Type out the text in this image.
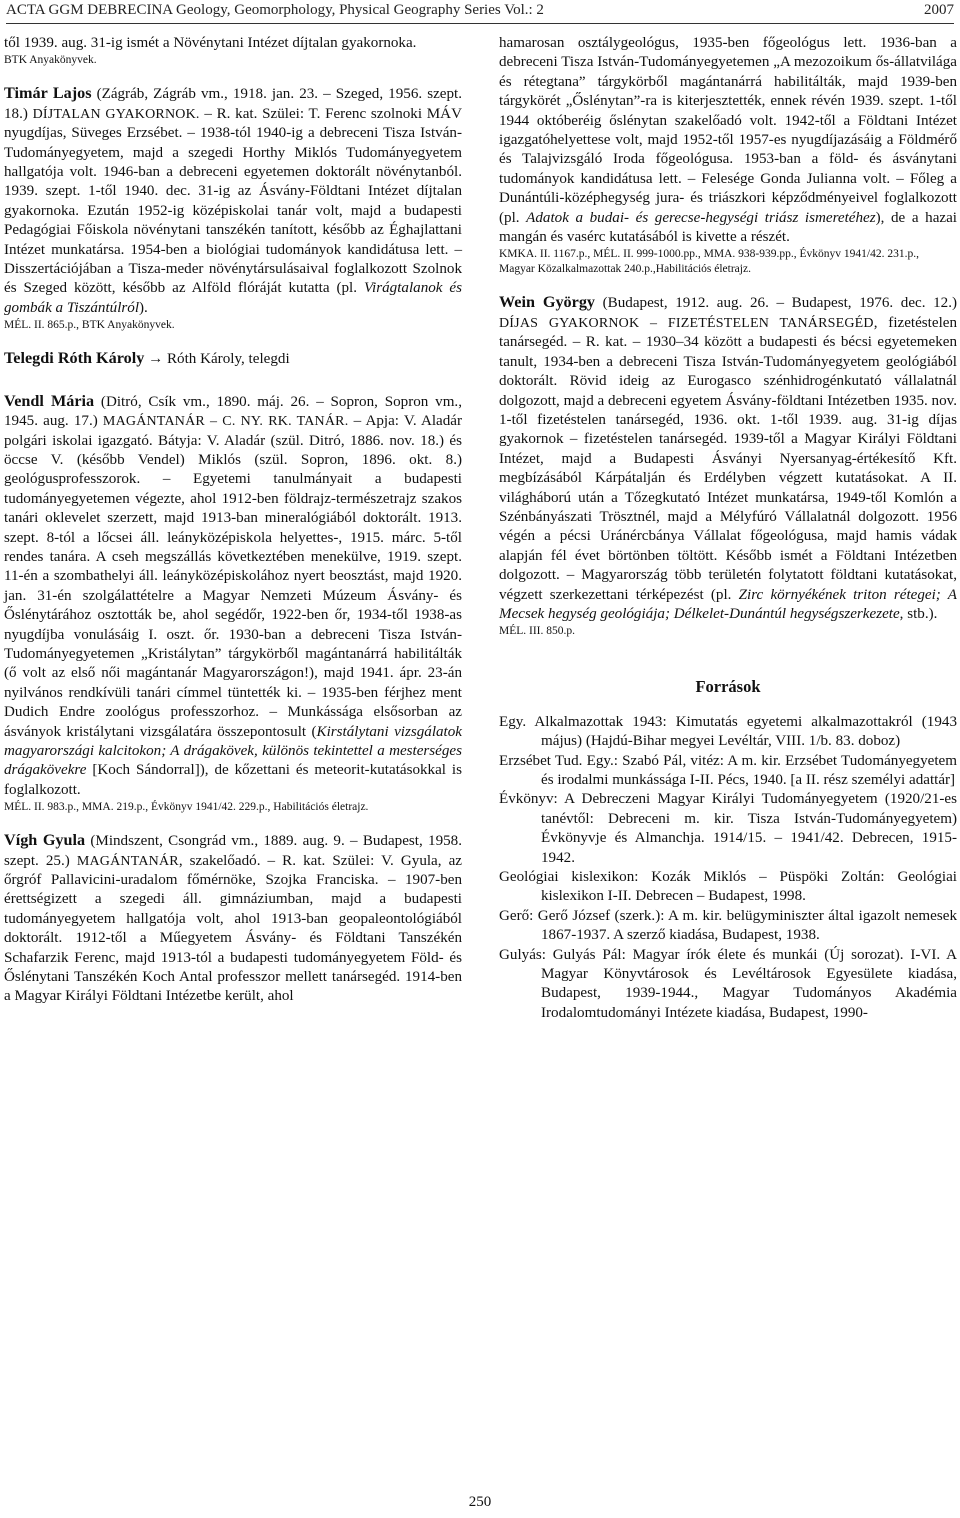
ACTA GGM DEBRECINA Geology, Geomorphology, Physical Geography Series Vol.: 2	2007

től 1939. aug. 31-ig ismét a Növénytani Intézet díjtalan gyakornoka.

BTK Anyakönyvek.

Timár Lajos (Zágráb, Zágráb vm., 1918. jan. 23. – Szeged, 1956. szept. 18.) DÍJTALAN GYAKORNOK. – R. kat. Szülei: T. Ferenc szolnoki MÁV nyugdíjas, Süveges Erzsébet. – 1938-tól 1940-ig a debreceni Tisza István-Tudományegyetem, majd a szegedi Horthy Miklós Tudományegyetem hallgatója volt. 1946-ban a debreceni egyetemen doktorált növénytanból. 1939. szept. 1-től 1940. dec. 31-ig az Ásvány-Földtani Intézet díjtalan gyakornoka. Ezután 1952-ig középiskolai tanár volt, majd a budapesti Pedagógiai Főiskola növénytani tanszékén tanított, később az Éghajlattani Intézet munkatársa. 1954-ben a biológiai tudományok kandidátusa lett. – Disszertációjában a Tisza-meder növénytársulásaival foglalkozott Szolnok és Szeged között, később az Alföld flóráját kutatta (pl. Virágtalanok és gombák a Tiszántúlról).

MÉL. II. 865.p., BTK Anyakönyvek.

Telegdi Róth Károly → Róth Károly, telegdi

Vendl Mária (Ditró, Csík vm., 1890. máj. 26. – Sopron, Sopron vm., 1945. aug. 17.) MAGÁNTANÁR – C. NY. RK. TANÁR. – Apja: V. Aladár polgári iskolai igazgató. Bátyja: V. Aladár (szül. Ditró, 1886. nov. 18.) és öccse V. (később Vendel) Miklós (szül. Sopron, 1896. okt. 8.) geológusprofesszorok. – Egyetemi tanulmányait a budapesti tudományegyetemen végezte, ahol 1912-ben földrajz-természetrajz szakos tanári oklevelet szerzett, majd 1913-ban mineralógiából doktorált. 1913. szept. 8-tól a lőcsei áll. leányközépiskola helyettes-, 1915. márc. 5-től rendes tanára. A cseh megszállás következtében menekülve, 1919. szept. 11-én a szombathelyi áll. leányközépiskolához nyert beosztást, majd 1920. jan. 31-én szolgálattételre a Magyar Nemzeti Múzeum Ásvány- és Őslénytárához osztották be, ahol segédőr, 1922-ben őr, 1934-től 1938-as nyugdíjba vonulásáig I. oszt. őr. 1930-ban a debreceni Tisza István-Tudományegyetemen „Kristálytan” tárgykörből magántanárrá habilitálták (ő volt az első női magántanár Magyarországon!), majd 1941. ápr. 23-án nyilvános rendkívüli tanári címmel tüntették ki. – 1935-ben férjhez ment Dudich Endre zoológus professzorhoz. – Munkássága elsősorban az ásványok kristálytani vizsgálatára összepontosult (Kirstálytani vizsgálatok magyarországi kalcitokon; A drágakövek, különös tekintettel a mesterséges drágakövekre [Koch Sándorral]), de kőzettani és meteorit-kutatásokkal is foglalkozott.

MÉL. II. 983.p., MMA. 219.p., Évkönyv 1941/42. 229.p., Habilitációs életrajz.

Vígh Gyula (Mindszent, Csongrád vm., 1889. aug. 9. – Budapest, 1958. szept. 25.) MAGÁNTANÁR, szakelőadó. – R. kat. Szülei: V. Gyula, az őrgróf Pallavicini-uradalom főmérnöke, Szojka Franciska. – 1907-ben érettségizett a szegedi áll. gimnáziumban, majd a budapesti tudományegyetem hallgatója volt, ahol 1913-ban geopaleontológiából doktorált. 1912-től a Műegyetem Ásvány- és Földtani Tanszékén Schafarzik Ferenc, majd 1913-tól a budapesti tudományegyetem Föld- és Őslénytani Tanszékén Koch Antal professzor mellett tanársegéd. 1914-ben a Magyar Királyi Földtani Intézetbe került, ahol

hamarosan osztálygeológus, 1935-ben főgeológus lett. 1936-ban a debreceni Tisza István-Tudományegyetemen „A mezozoikum ős-állatvilága és rétegtana” tárgykörből magántanárrá habilitálták, majd 1939-ben tárgykörét „Őslénytan”-ra is kiterjesztették, ennek révén 1939. szept. 1-től 1944 októberéig őslénytan szakelőadó volt. 1942-től a Földtani Intézet igazgatóhelyettese volt, majd 1952-től 1957-es nyugdíjazásáig a Földmérő és Talajvizsgáló Iroda főgeológusa. 1953-ban a föld- és ásványtani tudományok kandidátusa lett. – Felesége Gonda Julianna volt. – Főleg a Dunántúli-középhegység jura- és triászkori képződményeivel foglalkozott (pl. Adatok a budai- és gerecse-hegységi triász ismeretéhez), de a hazai mangán és vasérc kutatásából is kivette a részét.

KMKA. II. 1167.p., MÉL. II. 999-1000.pp., MMA. 938-939.pp., Évkönyv 1941/42. 231.p., Magyar Közalkalmazottak 240.p.,Habilitációs életrajz.

Wein György (Budapest, 1912. aug. 26. – Budapest, 1976. dec. 12.) DÍJAS GYAKORNOK – FIZETÉSTELEN TANÁRSEGÉD, fizetéstelen tanársegéd. – R. kat. – 1930–34 között a budapesti és bécsi egyetemeken tanult, 1934-ben a debreceni Tisza István-Tudományegyetem geológiából doktorált. Rövid ideig az Eurogasco szénhidrogénkutató vállalatnál dolgozott, majd a debreceni egyetem Ásvány-földtani Intézetben 1935. nov. 1-től fizetéstelen tanársegéd, 1936. okt. 1-től 1939. aug. 31-ig díjas gyakornok – fizetéstelen tanársegéd. 1939-től a Magyar Királyi Földtani Intézet, majd a Budapesti Ásványi Nyersanyag-értékesítő Kft. megbízásából Kárpátalján és Erdélyben végzett kutatásokat. A II. világháború után a Tőzegkutató Intézet munkatársa, 1949-től Komlón a Szénbányászati Trösztnél, majd a Mélyfúró Vállalatnál dolgozott. 1956 végén a pécsi Uránércbánya Vállalat főgeológusa, majd hamis vádak alapján fél évet börtönben töltött. Később ismét a Földtani Intézetben dolgozott. – Magyarország több területén folytatott földtani kutatásokat, végzett szerkezettani térképezést (pl. Zirc környékének triton rétegei; A Mecsek hegység geológiája; Délkelet-Dunántúl hegységszerkezete, stb.).

MÉL. III. 850.p.

Források

Egy. Alkalmazottak 1943: Kimutatás egyetemi alkalmazottakról (1943 május) (Hajdú-Bihar megyei Levéltár, VIII. 1/b. 83. doboz)

Erzsébet Tud. Egy.: Szabó Pál, vitéz: A m. kir. Erzsébet Tudományegyetem és irodalmi munkássága I-II. Pécs, 1940. [a II. rész személyi adattár]

Évkönyv: A Debreczeni Magyar Királyi Tudományegyetem (1920/21-es tanévtől: Debreceni m. kir. Tisza István-Tudományegyetem) Évkönyvje és Almanchja. 1914/15. – 1941/42. Debrecen, 1915-1942.

Geológiai kislexikon: Kozák Miklós – Püspöki Zoltán: Geológiai kislexikon I-II. Debrecen – Budapest, 1998.

Gerő: Gerő József (szerk.): A m. kir. belügyminiszter által igazolt nemesek 1867-1937. A szerző kiadása, Budapest, 1938.

Gulyás: Gulyás Pál: Magyar írók élete és munkái (Új sorozat). I-VI. A Magyar Könyvtárosok és Levéltárosok Egyesülete kiadása, Budapest, 1939-1944., Magyar Tudományos Akadémia Irodalomtudományi Intézete kiadása, Budapest, 1990-

250
